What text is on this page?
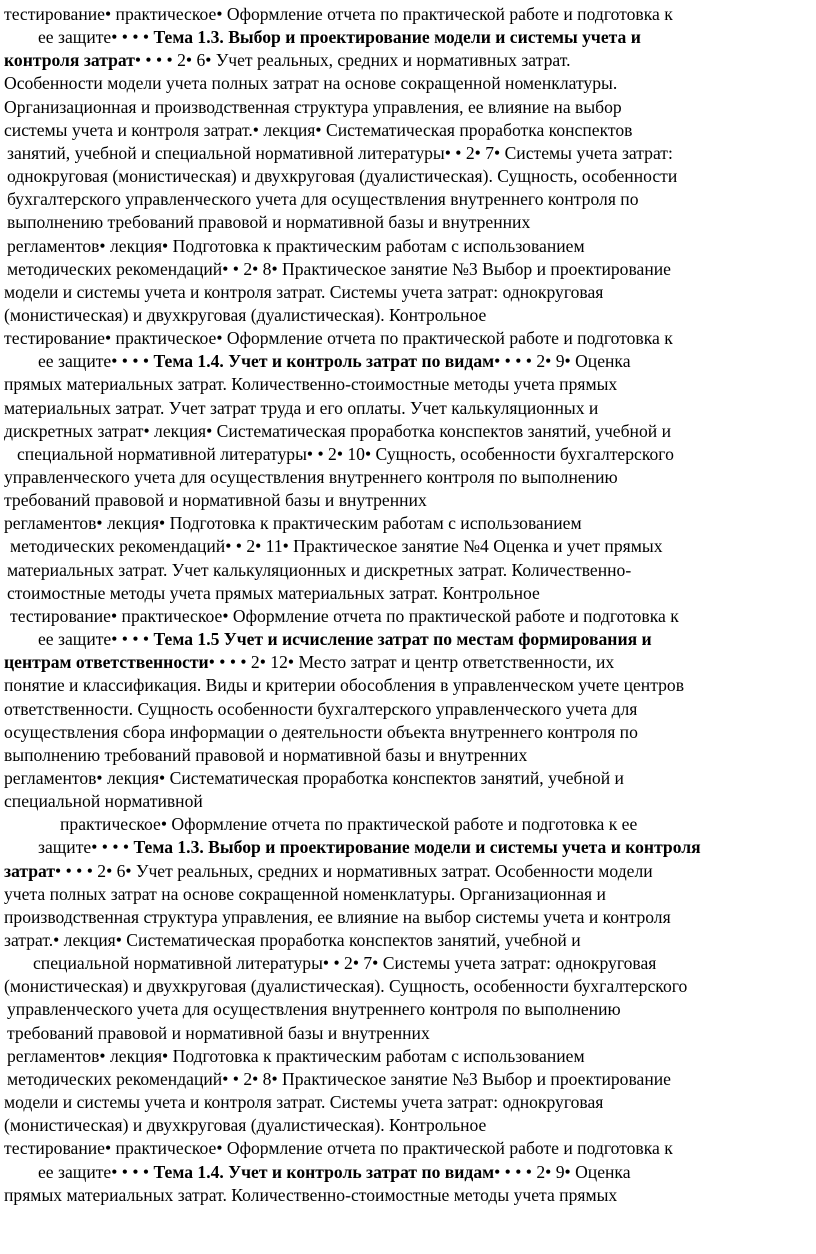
тестирование• практическое• Оформление отчета по практической работе и подготовка к
ее защите• • • • Тема 1.3. Выбор и проектирование модели и системы учета и
контроля затрат• • • • 2• 6• Учет реальных, средних и нормативных затрат.
Особенности модели учета полных затрат на основе сокращенной номенклатуры.
Организационная и производственная структура управления, ее влияние на выбор
системы учета и контроля затрат.• лекция• Систематическая проработка конспектов
занятий, учебной и специальной нормативной литературы• • 2• 7• Системы учета затрат:
однокруговая (монистическая) и двухкруговая (дуалистическая). Сущность, особенности
бухгалтерского управленческого учета для осуществления внутреннего контроля по
выполнению требований правовой и нормативной базы и внутренних
регламентов• лекция• Подготовка к практическим работам с использованием
методических рекомендаций• • 2• 8• Практическое занятие №3 Выбор и проектирование
модели и системы учета и контроля затрат. Системы учета затрат: однокруговая
(монистическая) и двухкруговая (дуалистическая). Контрольное
тестирование• практическое• Оформление отчета по практической работе и подготовка к
ее защите• • • • Тема 1.4. Учет и контроль затрат по видам• • • • 2• 9• Оценка
прямых материальных затрат. Количественно-стоимостные методы учета прямых
материальных затрат. Учет затрат труда и его оплаты. Учет калькуляционных и
дискретных затрат• лекция• Систематическая проработка конспектов занятий, учебной и
специальной нормативной литературы• • 2• 10• Сущность, особенности бухгалтерского
управленческого учета для осуществления внутреннего контроля по выполнению
требований правовой и нормативной базы и внутренних
регламентов• лекция• Подготовка к практическим работам с использованием
методических рекомендаций• • 2• 11• Практическое занятие №4 Оценка и учет прямых
материальных затрат. Учет калькуляционных и дискретных затрат. Количественно-
стоимостные методы учета прямых материальных затрат. Контрольное
тестирование• практическое• Оформление отчета по практической работе и подготовка к
ее защите• • • • Тема 1.5 Учет и исчисление затрат по местам формирования и
центрам ответственности• • • • 2• 12• Место затрат и центр ответственности, их
понятие и классификация. Виды и критерии обособления в управленческом учете центров
ответственности. Сущность особенности бухгалтерского управленческого учета для
осуществления сбора информации о деятельности объекта внутреннего контроля по
выполнению требований правовой и нормативной базы и внутренних
регламентов• лекция• Систематическая проработка конспектов занятий, учебной и
специальной нормативной
практическое• Оформление отчета по практической работе и подготовка к ее
защите• • • • Тема 1.3. Выбор и проектирование модели и системы учета и контроля
затрат• • • • 2• 6• Учет реальных, средних и нормативных затрат. Особенности модели
учета полных затрат на основе сокращенной номенклатуры. Организационная и
производственная структура управления, ее влияние на выбор системы учета и контроля
затрат.• лекция• Систематическая проработка конспектов занятий, учебной и
специальной нормативной литературы• • 2• 7• Системы учета затрат: однокруговая
(монистическая) и двухкруговая (дуалистическая). Сущность, особенности бухгалтерского
управленческого учета для осуществления внутреннего контроля по выполнению
требований правовой и нормативной базы и внутренних
регламентов• лекция• Подготовка к практическим работам с использованием
методических рекомендаций• • 2• 8• Практическое занятие №3 Выбор и проектирование
модели и системы учета и контроля затрат. Системы учета затрат: однокруговая
(монистическая) и двухкруговая (дуалистическая). Контрольное
тестирование• практическое• Оформление отчета по практической работе и подготовка к
ее защите• • • • Тема 1.4. Учет и контроль затрат по видам• • • • 2• 9• Оценка
прямых материальных затрат. Количественно-стоимостные методы учета прямых
